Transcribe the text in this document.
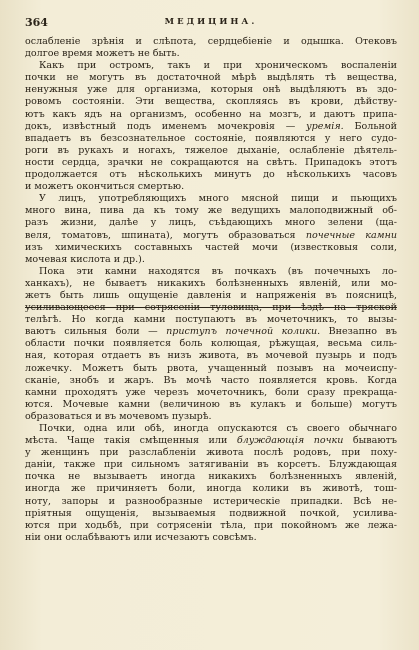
364	МЕДИЦИНА.

ослабленіе зрѣнія и слѣпота, сердцебіеніе и одышка. Отековъ
долгое время можетъ не быть.

Какъ при остромъ, такъ и при хроническомъ воспаленіи
почки не могутъ въ достаточной мѣрѣ выдѣлять тѣ вещества,
ненужныя уже для организма, которыя онѣ выдѣляютъ въ здо-
ровомъ состояніи. Эти вещества, скопляясь въ крови, дѣйству-
ютъ какъ ядъ на организмъ, особенно на мозгъ, и даютъ припа-
докъ, извѣстный подъ именемъ мочекровія — уремія. Больной
впадаетъ въ безсознательное состояніе, появляются у него судо-
роги въ рукахъ и ногахъ, тяжелое дыханіе, ослабленіе дѣятель-
ности сердца, зрачки не сокращаются на свѣтъ. Припадокъ этотъ
продолжается отъ нѣсколькихъ минутъ до нѣсколькихъ часовъ
и можетъ окончиться смертью.

У лицъ, употребляющихъ много мясной пищи и пьющихъ
много вина, пива да къ тому же ведущихъ малоподвижный об-
разъ жизни, далѣе у лицъ, съѣдающихъ много зелени (ща-
веля, томатовъ, шпината), могутъ образоваться почечные камни
изъ химическихъ составныхъ частей мочи (известковыя соли,
мочевая кислота и др.).

Пока эти камни находятся въ почкахъ (въ почечныхъ ло-
ханкахъ), не бываетъ никакихъ болѣзненныхъ явленій, или мо-
жетъ быть лишь ощущеніе давленія и напряженія въ поясницѣ,
усиливающееся при сотрясеніи туловища, при ѣздѣ на тряской
телѣгѣ. Но когда камни поступаютъ въ мочеточникъ, то вызы-
ваютъ сильныя боли — приступъ почечной колики. Внезапно въ
области почки появляется боль колющая, рѣжущая, весьма силь-
ная, которая отдаетъ въ низъ живота, въ мочевой пузырь и подъ
ложечку. Можетъ быть рвота, учащенный позывъ на мочеиспу-
сканіе, знобъ и жаръ. Въ мочѣ часто появляется кровь. Когда
камни проходятъ уже черезъ мочеточникъ, боли сразу прекраща-
ются. Мочевые камни (величиною въ кулакъ и больше) могутъ
образоваться и въ мочевомъ пузырѣ.

Почки, одна или обѣ, иногда опускаются съ своего обычнаго
мѣста. Чаще такія смѣщенныя или блуждающія почки бываютъ
у женщинъ при разслабленіи живота послѣ родовъ, при поху-
даніи, также при сильномъ затягиваніи въ корсетъ. Блуждающая
почка не вызываетъ иногда никакихъ болѣзненныхъ явленій,
иногда же причиняетъ боли, иногда колики въ животѣ, тош-
ноту, запоры и разнообразные истерическіе припадки. Всѣ не-
пріятныя ощущенія, вызываемыя подвижной почкой, усилива-
ются при ходьбѣ, при сотрясеніи тѣла, при покойномъ же лежа-
ніи они ослабѣваютъ или исчезаютъ совсѣмъ.
